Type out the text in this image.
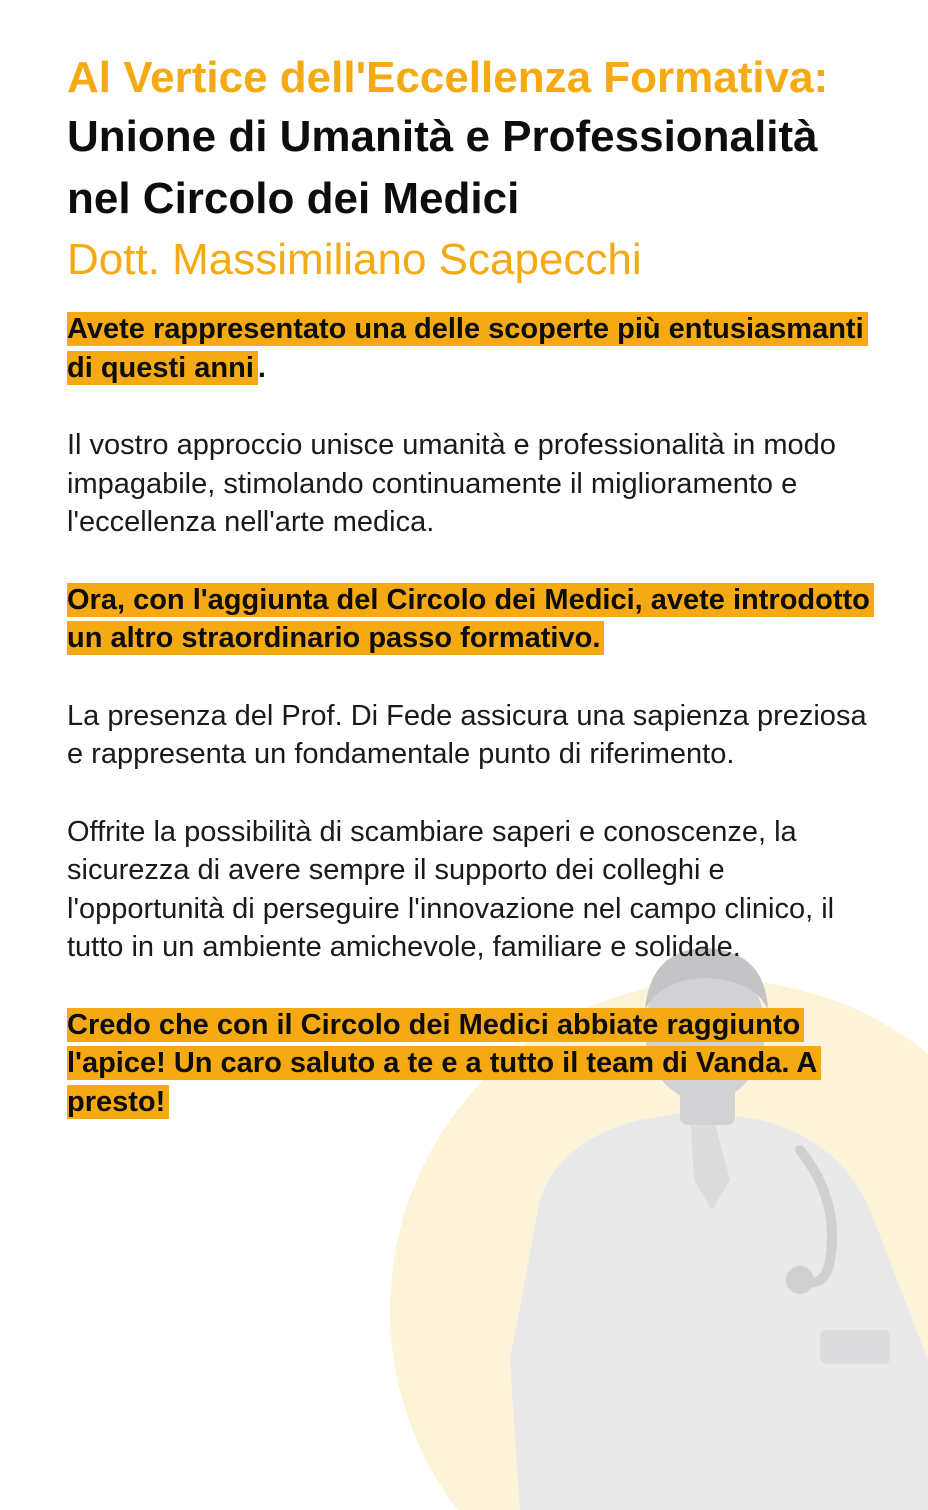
Al Vertice dell'Eccellenza Formativa:
Unione di Umanità e Professionalità nel Circolo dei Medici
Dott. Massimiliano Scapecchi

Avete rappresentato una delle scoperte più entusiasmanti di questi anni .

Il vostro approccio unisce umanità e professionalità in modo impagabile, stimolando continuamente il miglioramento e l'eccellenza nell'arte medica.

Ora, con l'aggiunta del Circolo dei Medici, avete introdotto un altro straordinario passo formativo.

La presenza del Prof. Di Fede assicura una sapienza preziosa e rappresenta un fondamentale punto di riferimento.

Offrite la possibilità di scambiare saperi e conoscenze, la sicurezza di avere sempre il supporto dei colleghi e l'opportunità di perseguire l'innovazione nel campo clinico, il tutto in un ambiente amichevole, familiare e solidale.

Credo che con il Circolo dei Medici abbiate raggiunto l'apice! Un caro saluto a te e a tutto il team di Vanda. A presto!
